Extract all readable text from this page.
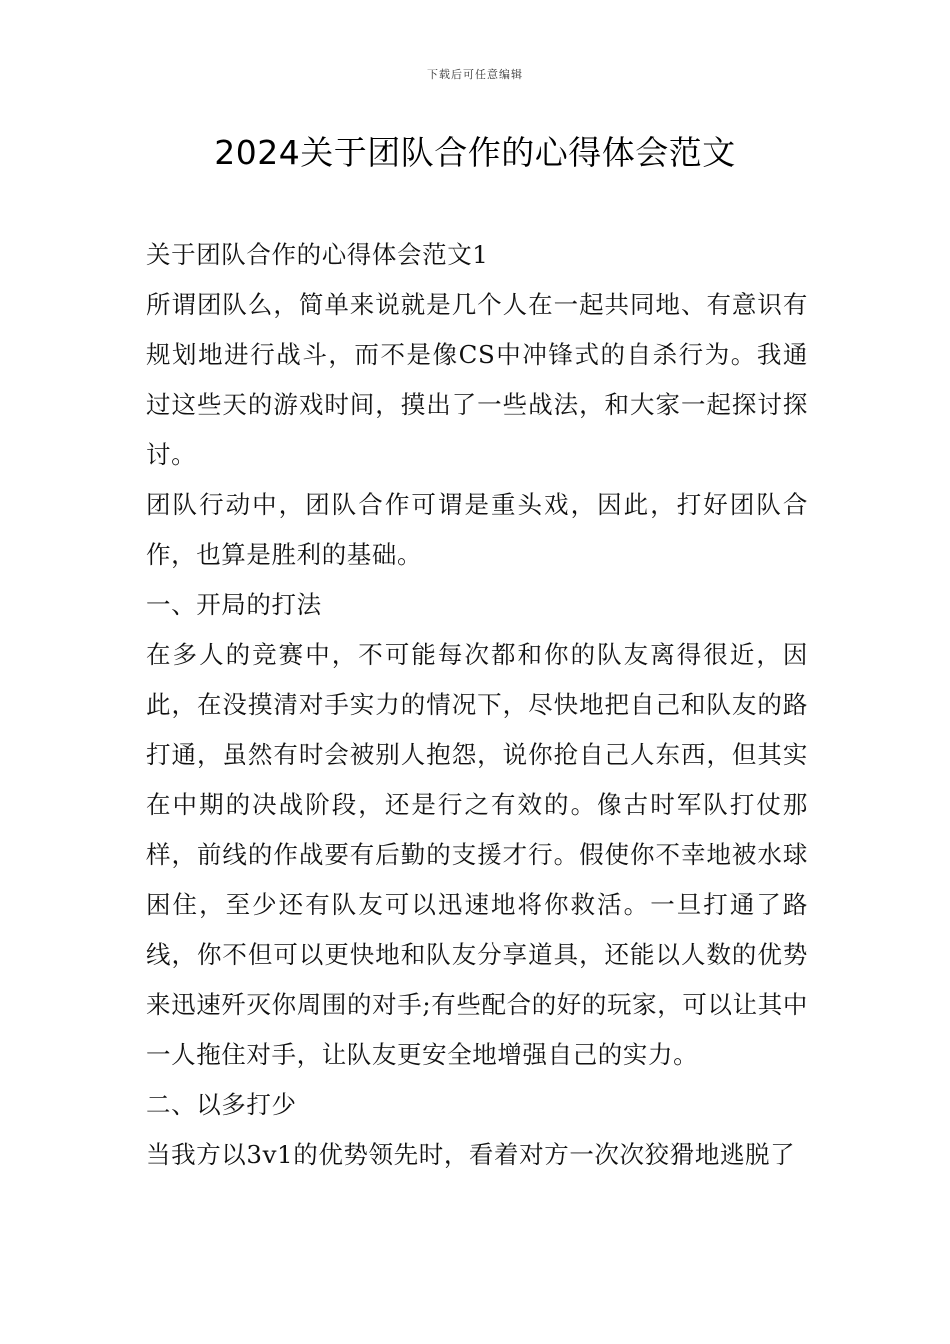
下载后可任意编辑
2024关于团队合作的心得体会范文

关于团队合作的心得体会范文1

所谓团队么，简单来说就是几个人在一起共同地、有意识有规划地进行战斗，而不是像CS中冲锋式的自杀行为。我通过这些天的游戏时间，摸出了一些战法，和大家一起探讨探讨。

团队行动中，团队合作可谓是重头戏，因此，打好团队合作，也算是胜利的基础。

一、开局的打法

在多人的竞赛中，不可能每次都和你的队友离得很近，因此，在没摸清对手实力的情况下，尽快地把自己和队友的路打通，虽然有时会被别人抱怨，说你抢自己人东西，但其实在中期的决战阶段，还是行之有效的。像古时军队打仗那样，前线的作战要有后勤的支援才行。假使你不幸地被水球困住，至少还有队友可以迅速地将你救活。一旦打通了路线，你不但可以更快地和队友分享道具，还能以人数的优势来迅速歼灭你周围的对手;有些配合的好的玩家，可以让其中一人拖住对手，让队友更安全地增强自己的实力。

二、以多打少

当我方以3v1的优势领先时，看着对方一次次狡猾地逃脱了
